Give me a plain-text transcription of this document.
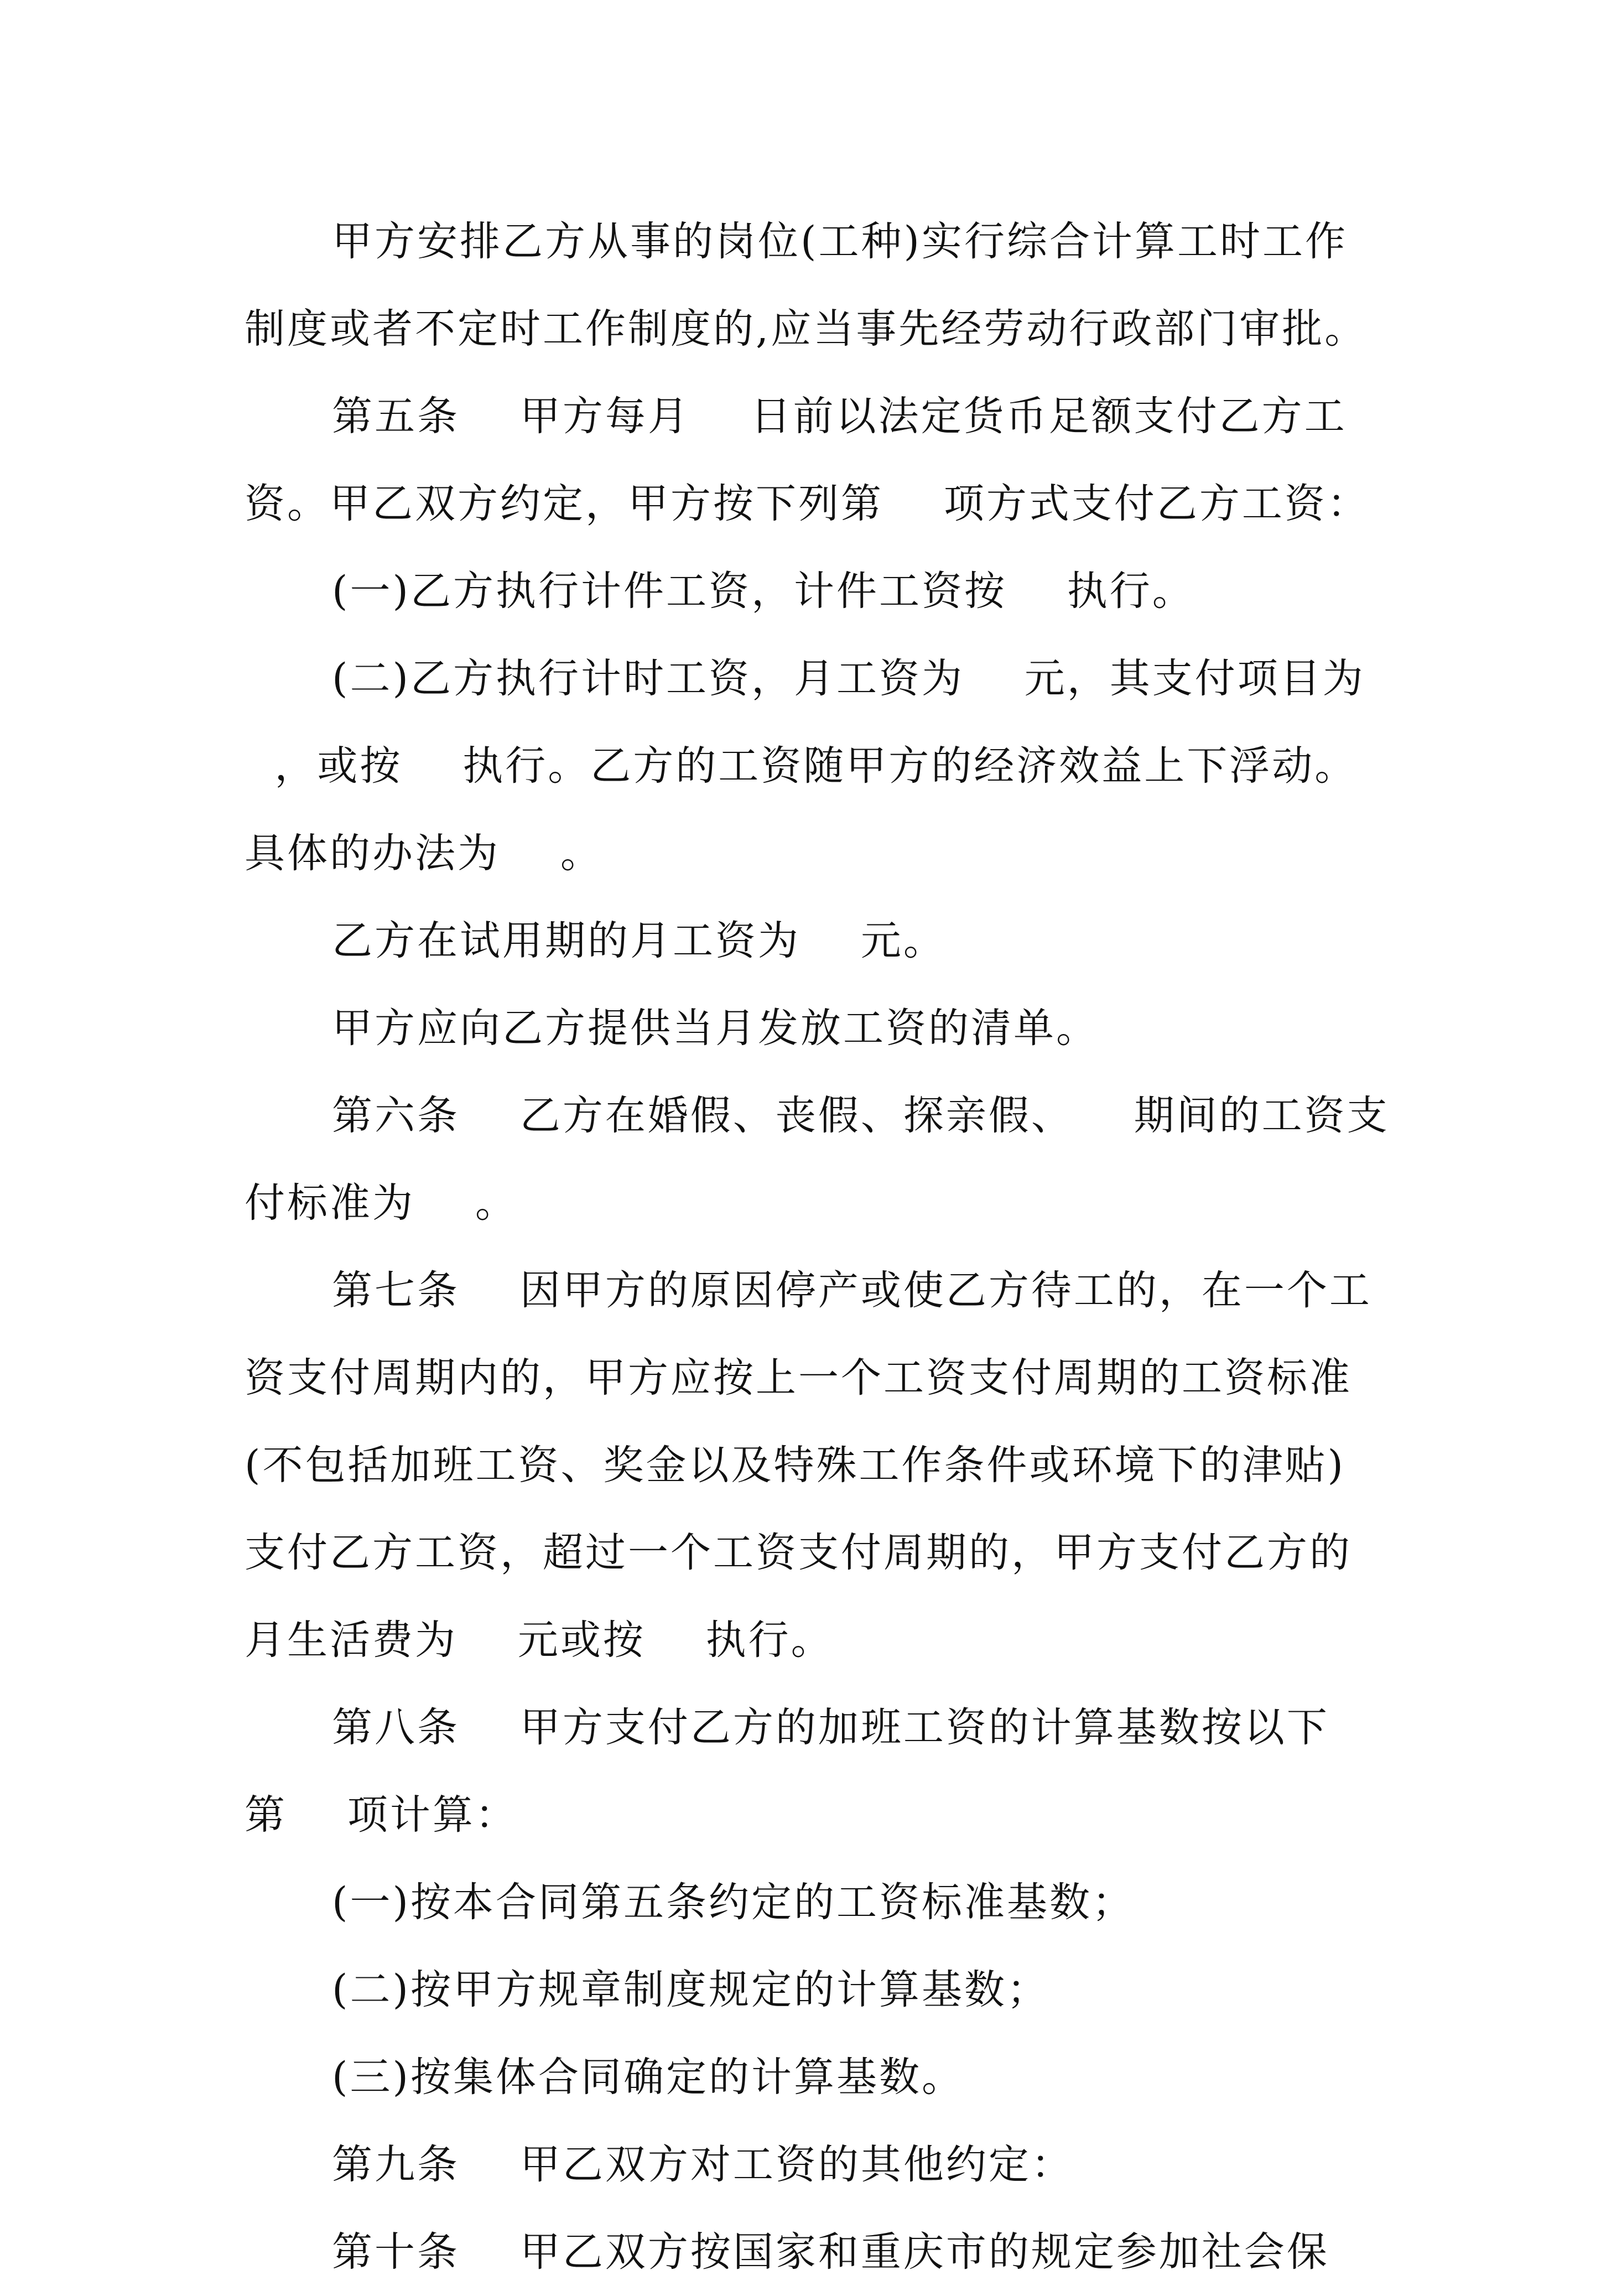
甲方安排乙方从事的岗位(工种)实行综合计算工时工作
制度或者不定时工作制度的,应当事先经劳动行政部门审批。
第五条    甲方每月    日前以法定货币足额支付乙方工
资。甲乙双方约定，甲方按下列第    项方式支付乙方工资：
(一)乙方执行计件工资，计件工资按    执行。
(二)乙方执行计时工资，月工资为    元，其支付项目为
，或按    执行。乙方的工资随甲方的经济效益上下浮动。
具体的办法为    。
乙方在试用期的月工资为    元。
甲方应向乙方提供当月发放工资的清单。
第六条    乙方在婚假、丧假、探亲假、    期间的工资支
付标准为    。
第七条    因甲方的原因停产或使乙方待工的，在一个工
资支付周期内的，甲方应按上一个工资支付周期的工资标准
(不包括加班工资、奖金以及特殊工作条件或环境下的津贴)
支付乙方工资，超过一个工资支付周期的，甲方支付乙方的
月生活费为    元或按    执行。
第八条    甲方支付乙方的加班工资的计算基数按以下
第    项计算：
(一)按本合同第五条约定的工资标准基数；
(二)按甲方规章制度规定的计算基数；
(三)按集体合同确定的计算基数。
第九条    甲乙双方对工资的其他约定：
第十条    甲乙双方按国家和重庆市的规定参加社会保
